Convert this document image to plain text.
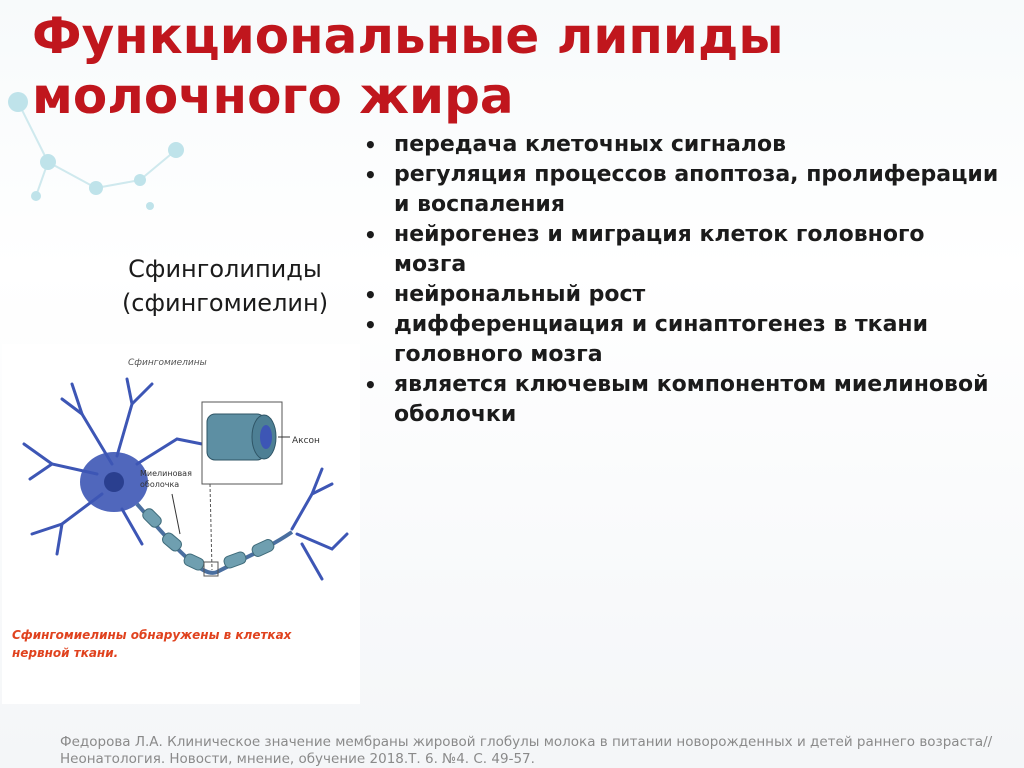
Функциональные липиды молочного жира
• передача клеточных сигналов
• регуляция процессов апоптоза, пролиферации и воспаления
• нейрогенез и миграция клеток головного мозга
• нейрональный рост
• дифференциация и синаптогенез в ткани головного мозга
• является ключевым компонентом миелиновой оболочки
Сфинголипиды
(сфингомиелин)
Сфингомиелины
Аксон
Миелиновая оболочка
Сфингомиелины обнаружены в клетках нервной ткани.
Федорова Л.А. Клиническое значение мембраны жировой глобулы молока в питании новорожденных и детей раннего возраста// Неонатология. Новости, мнение, обучение 2018.Т. 6. №4. С. 49-57.
